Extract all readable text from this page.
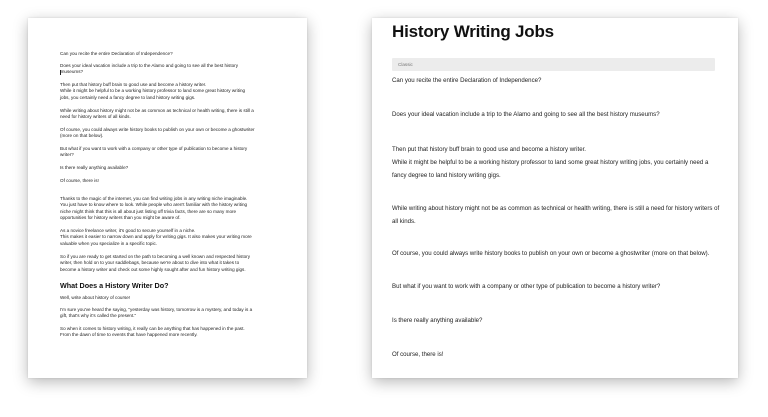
Can you recite the entire Declaration of Independence?

Does your ideal vacation include a trip to the Alamo and going to see all the best history

museums?

Then put that history buff brain to good use and become a history writer.

While it might be helpful to be a working history professor to land some great history writing

jobs, you certainly need a fancy degree to land history writing gigs.

While writing about history might not be as common as technical or health writing, there is still a

need for history writers of all kinds.

Of course, you could always write history books to publish on your own or become a ghostwriter

(more on that below).

But what if you want to work with a company or other type of publication to become a history

writer?

Is there really anything available?

Of course, there is!

Thanks to the magic of the internet, you can find writing jobs in any writing niche imaginable.

You just have to know where to look. While people who aren't familiar with the history writing

niche might think that this is all about just listing off trivia facts, there are so many more

opportunities for history writers than you might be aware of.

As a novice freelance writer, it's good to secure yourself in a niche.

This makes it easier to narrow down and apply for writing gigs. It also makes your writing more

valuable when you specialize in a specific topic.

So if you are ready to get started on the path to becoming a well known and respected history

writer, then hold on to your saddlebags, because we're about to dive into what it takes to

become a history writer and check out some highly sought after and fun history writing gigs.

What Does a History Writer Do?

Well, write about history of course!

I'm sure you've heard the saying, "yesterday was history, tomorrow is a mystery, and today is a

gift, that's why it's called the present."

So when it comes to history writing, it really can be anything that has happened in the past.

From the dawn of time to events that have happened more recently.

History Writing Jobs
Classic
Can you recite the entire Declaration of Independence?
Does your ideal vacation include a trip to the Alamo and going to see all the best history museums?
Then put that history buff brain to good use and become a history writer.
While it might be helpful to be a working history professor to land some great history writing jobs, you certainly need a fancy degree to land history writing gigs.
While writing about history might not be as common as technical or health writing, there is still a need for history writers of all kinds.
Of course, you could always write history books to publish on your own or become a ghostwriter (more on that below).
But what if you want to work with a company or other type of publication to become a history writer?
Is there really anything available?
Of course, there is!
